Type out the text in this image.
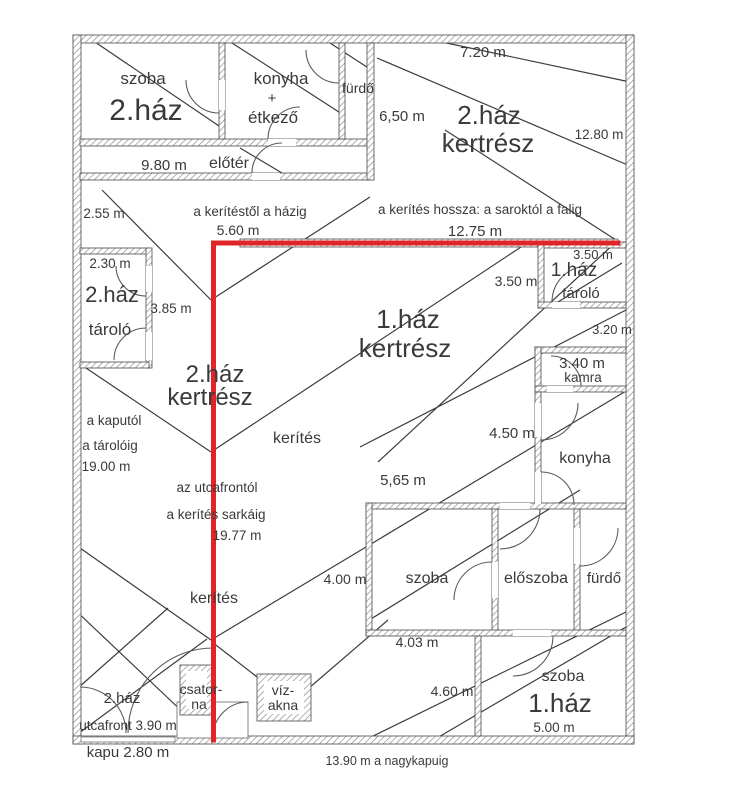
szoba
2.ház
konyha
+
étkező
fürdő
9.80 m előtér
7.20 m
2.ház
kertrész	12.80 m
6,50 m
2.55 m	a kerítéstől a házig
5.60 m
a kerítés hossza: a saroktól a falig
12.75 m
2.30 m
2.ház
tároló
3.85 m
3.50 m
3.50 m
1.ház
tároló
3.20 m
3.40 m
kamra
1.ház
kertrész
2.ház
kertrész
kerítés	4.50 m
konyha
5,65 m
a kaputól
a tárolóig
19.00 m
az utcafrontól
a kerítés sarkáig
19.77 m
4.00 m szoba	előszoba fürdő
kerítés
4.03 m
4.60 m
szoba
1.ház
5.00 m
csator-
na
víz-
akna
2.ház
utcafront 3.90 m
kapu 2.80 m	13.90 m a nagykapuig
